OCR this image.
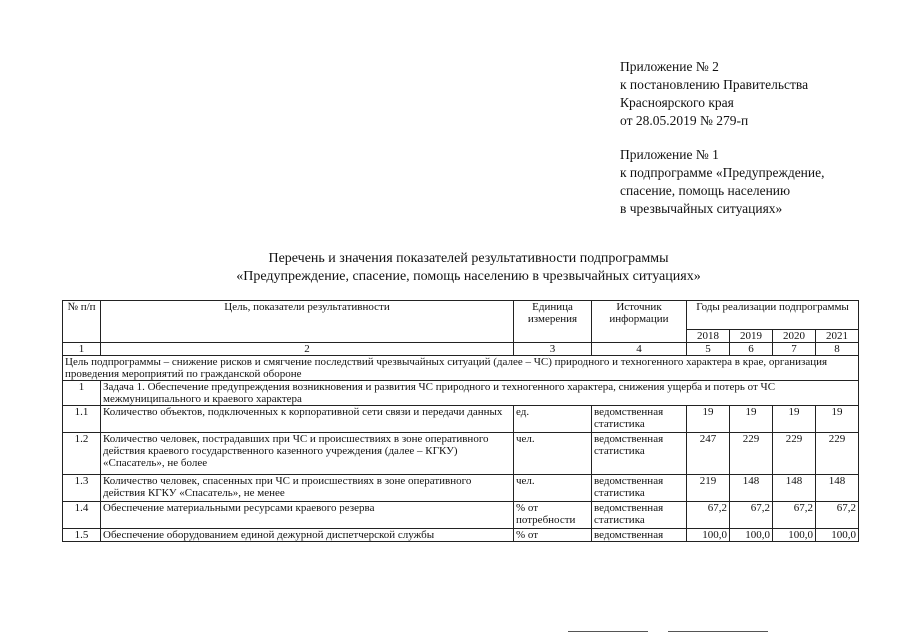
Приложение № 2
к постановлению Правительства
Красноярского края
от 28.05.2019 № 279-п
Приложение № 1
к подпрограмме «Предупреждение,
спасение, помощь населению
в чрезвычайных ситуациях»
Перечень и значения показателей результативности подпрограммы
«Предупреждение, спасение, помощь населению в чрезвычайных ситуациях»
№ п/п	Цель, показатели результативности	Единица измерения	Источник информации	Годы реализации подпрограммы			
				2018	2019	2020	2021
1	2	3	4	5	6	7	8
Цель подпрограммы – снижение рисков и смягчение последствий чрезвычайных ситуаций (далее – ЧС) природного и техногенного характера в крае, организация проведения мероприятий по гражданской обороне							
1	Задача 1. Обеспечение предупреждения возникновения и развития ЧС природного и техногенного характера, снижения ущерба и потерь от ЧС межмуниципального и краевого характера						
1.1	Количество объектов, подключенных к корпоративной сети связи и передачи данных	ед.	ведомственная статистика	19	19	19	19
1.2	Количество человек, пострадавших при ЧС и происшествиях в зоне оперативного действия краевого государственного казенного учреждения (далее – КГКУ) «Спасатель», не более	чел.	ведомственная статистика	247	229	229	229
1.3	Количество человек, спасенных при ЧС и происшествиях в зоне оперативного действия КГКУ «Спасатель», не менее	чел.	ведомственная статистика	219	148	148	148
1.4	Обеспечение материальными ресурсами краевого резерва	% от потребности	ведомственная статистика	67,2	67,2	67,2	67,2
1.5	Обеспечение оборудованием единой дежурной диспетчерской службы	% от	ведомственная	100,0	100,0	100,0	100,0
